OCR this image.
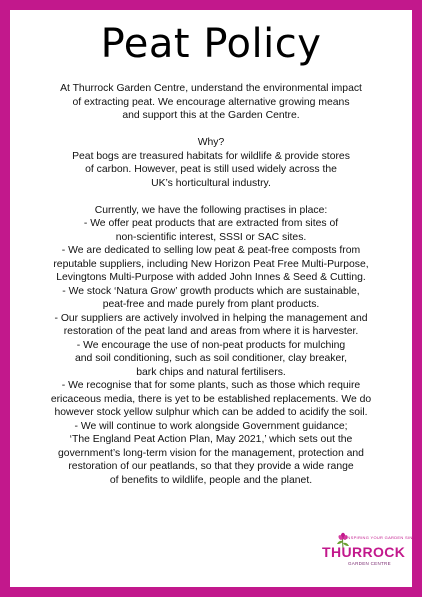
Peat Policy

At Thurrock Garden Centre, understand the environmental impact
of extracting peat. We encourage alternative growing means
and support this at the Garden Centre.

Why?

Peat bogs are treasured habitats for wildlife & provide stores
of carbon. However, peat is still used widely across the
UK’s horticultural industry.

Currently, we have the following practises in place:

- We offer peat products that are extracted from sites of
non-scientific interest, SSSI or SAC sites.

- We are dedicated to selling low peat & peat-free composts from
reputable suppliers, including New Horizon Peat Free Multi-Purpose,
Levingtons Multi-Purpose with added John Innes & Seed & Cutting.

- We stock ‘Natura Grow’ growth products which are sustainable,
peat-free and made purely from plant products.

- Our suppliers are actively involved in helping the management and
restoration of the peat land and areas from where it is harvester.

- We encourage the use of non-peat products for mulching
and soil conditioning, such as soil conditioner, clay breaker,
bark chips and natural fertilisers.

- We recognise that for some plants, such as those which require
ericaceous media, there is yet to be established replacements. We do
however stock yellow sulphur which can be added to acidify the soil.

- We will continue to work alongside Government guidance;
‘The England Peat Action Plan, May 2021,’ which sets out the
government’s long-term vision for the management, protection and
restoration of our peatlands, so that they provide a wide range
of benefits to wildlife, people and the planet.

INSPIRING YOUR GARDEN SINCE
THURROCK
GARDEN CENTRE
